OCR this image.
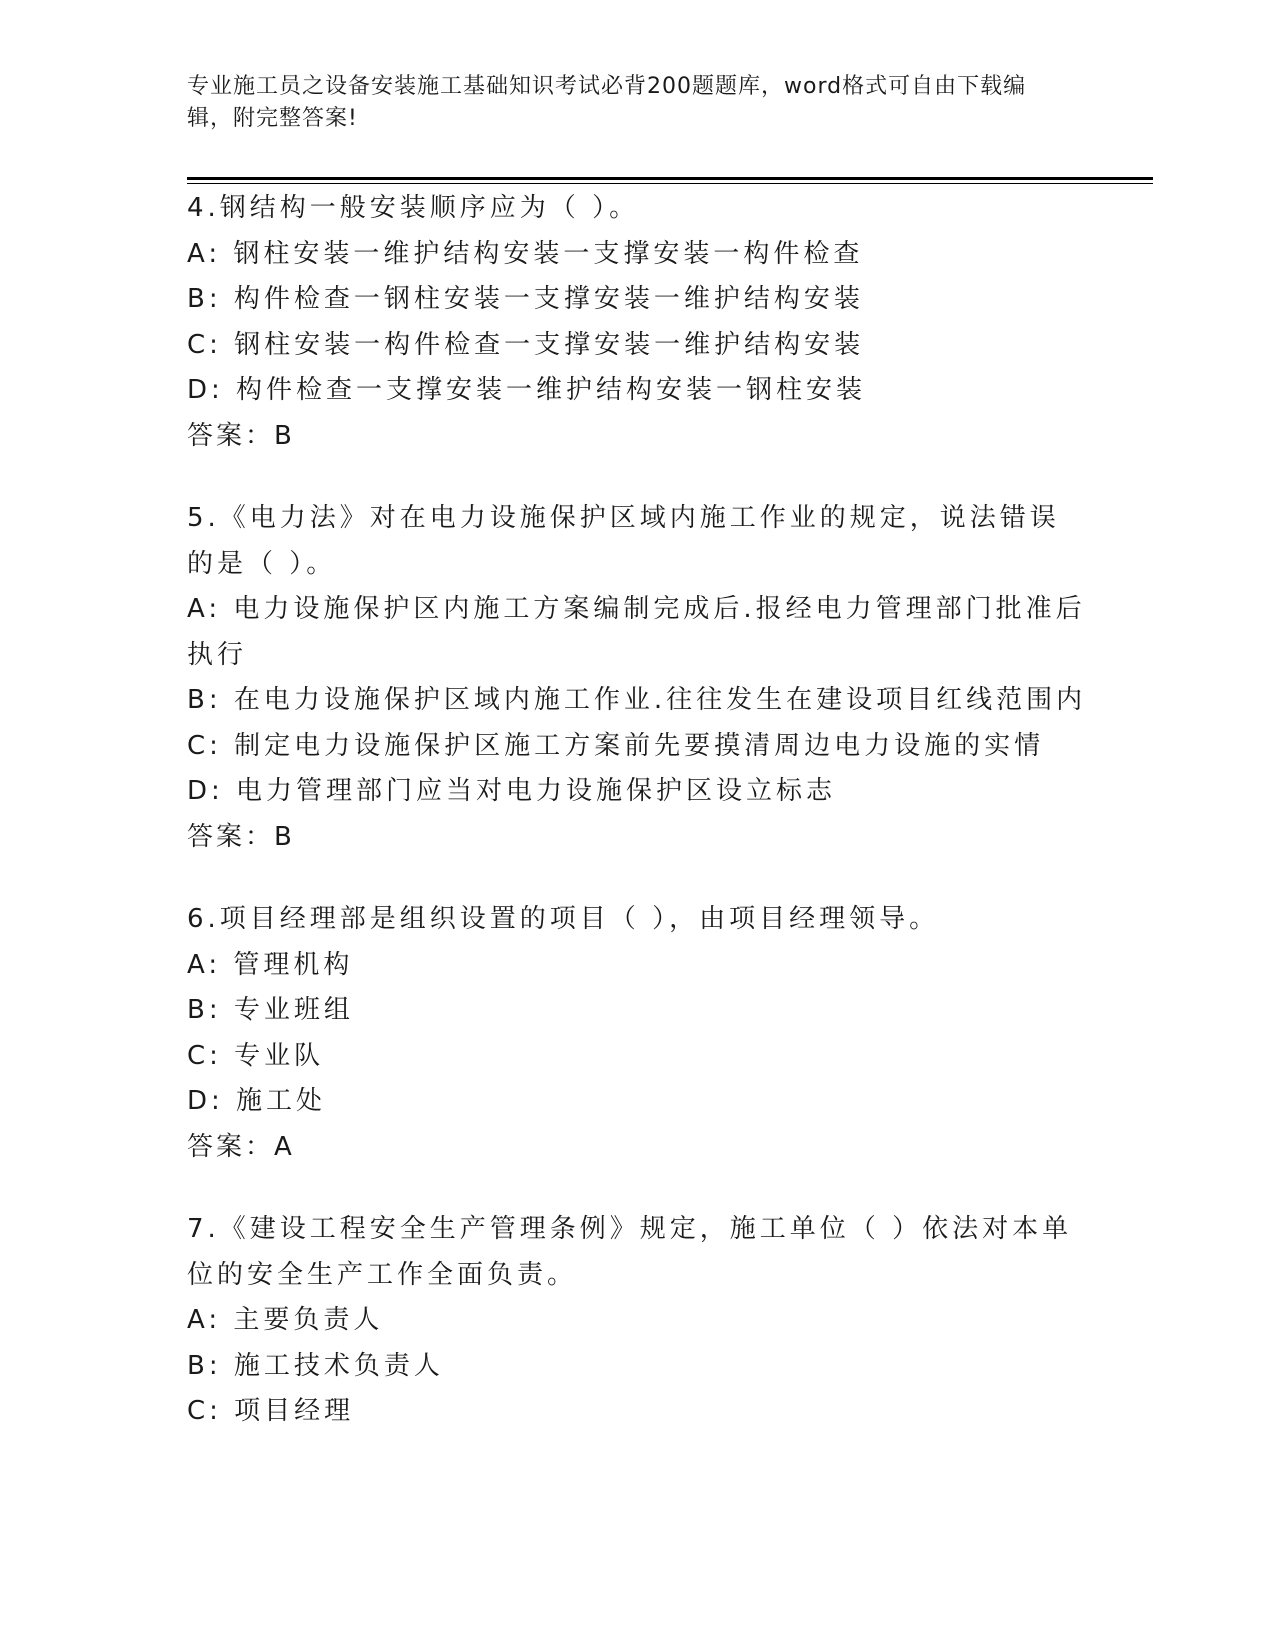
专业施工员之设备安装施工基础知识考试必背200题题库，word格式可自由下载编辑，附完整答案!
4.钢结构一般安装顺序应为（ ）。
A: 钢柱安装一维护结构安装一支撑安装一构件检查
B: 构件检查一钢柱安装一支撑安装一维护结构安装
C: 钢柱安装一构件检查一支撑安装一维护结构安装
D: 构件检查一支撑安装一维护结构安装一钢柱安装
答案：B
5.《电力法》对在电力设施保护区域内施工作业的规定，说法错误的是（ ）。
A: 电力设施保护区内施工方案编制完成后.报经电力管理部门批准后执行
B: 在电力设施保护区域内施工作业.往往发生在建设项目红线范围内
C: 制定电力设施保护区施工方案前先要摸清周边电力设施的实情
D: 电力管理部门应当对电力设施保护区设立标志
答案：B
6.项目经理部是组织设置的项目（ ），由项目经理领导。
A: 管理机构
B: 专业班组
C: 专业队
D: 施工处
答案：A
7.《建设工程安全生产管理条例》规定，施工单位（ ）依法对本单位的安全生产工作全面负责。
A: 主要负责人
B: 施工技术负责人
C: 项目经理
